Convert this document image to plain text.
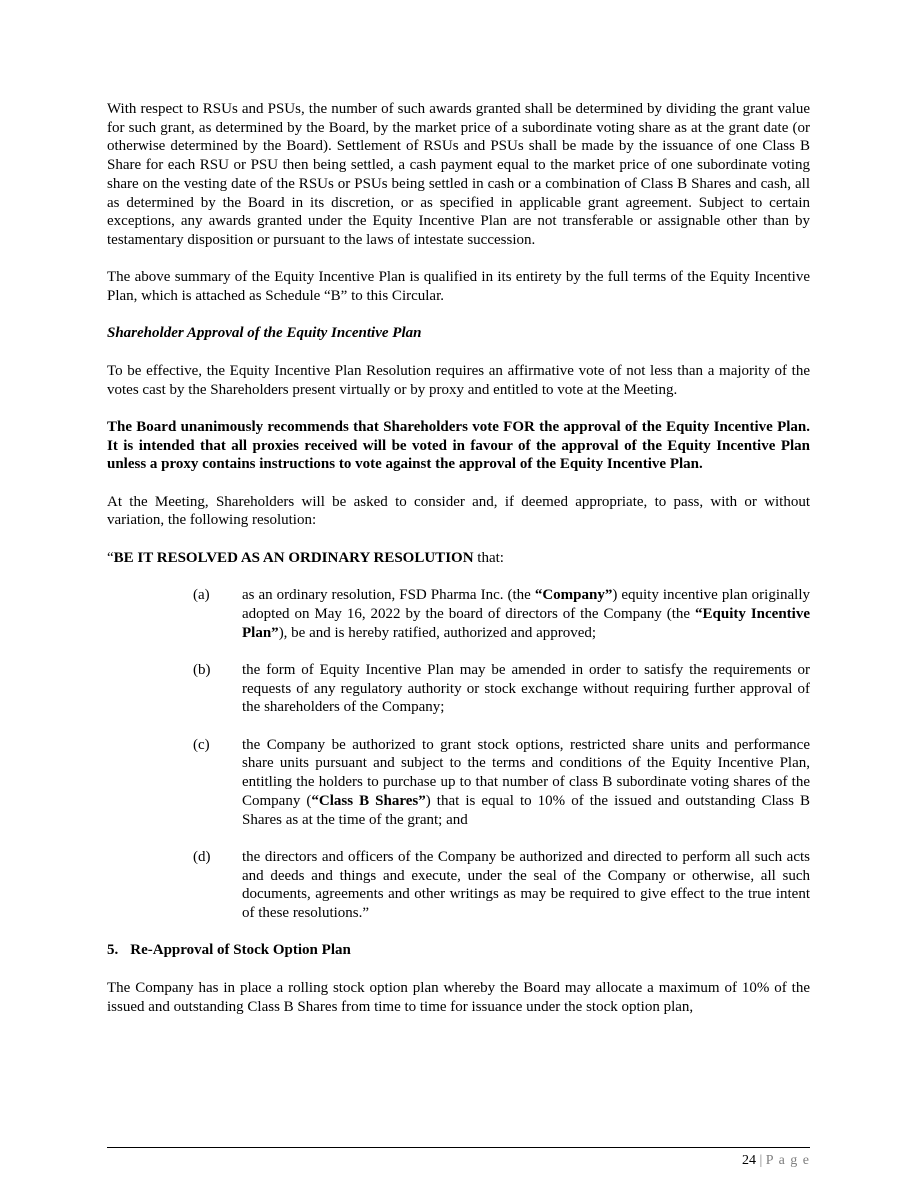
With respect to RSUs and PSUs, the number of such awards granted shall be determined by dividing the grant value for such grant, as determined by the Board, by the market price of a subordinate voting share as at the grant date (or otherwise determined by the Board). Settlement of RSUs and PSUs shall be made by the issuance of one Class B Share for each RSU or PSU then being settled, a cash payment equal to the market price of one subordinate voting share on the vesting date of the RSUs or PSUs being settled in cash or a combination of Class B Shares and cash, all as determined by the Board in its discretion, or as specified in applicable grant agreement. Subject to certain exceptions, any awards granted under the Equity Incentive Plan are not transferable or assignable other than by testamentary disposition or pursuant to the laws of intestate succession.

The above summary of the Equity Incentive Plan is qualified in its entirety by the full terms of the Equity Incentive Plan, which is attached as Schedule “B” to this Circular.

Shareholder Approval of the Equity Incentive Plan

To be effective, the Equity Incentive Plan Resolution requires an affirmative vote of not less than a majority of the votes cast by the Shareholders present virtually or by proxy and entitled to vote at the Meeting.

The Board unanimously recommends that Shareholders vote FOR the approval of the Equity Incentive Plan. It is intended that all proxies received will be voted in favour of the approval of the Equity Incentive Plan unless a proxy contains instructions to vote against the approval of the Equity Incentive Plan.

At the Meeting, Shareholders will be asked to consider and, if deemed appropriate, to pass, with or without variation, the following resolution:

“BE IT RESOLVED AS AN ORDINARY RESOLUTION that:

(a) as an ordinary resolution, FSD Pharma Inc. (the “Company”) equity incentive plan originally adopted on May 16, 2022 by the board of directors of the Company (the “Equity Incentive Plan”), be and is hereby ratified, authorized and approved;
(b) the form of Equity Incentive Plan may be amended in order to satisfy the requirements or requests of any regulatory authority or stock exchange without requiring further approval of the shareholders of the Company;
(c) the Company be authorized to grant stock options, restricted share units and performance share units pursuant and subject to the terms and conditions of the Equity Incentive Plan, entitling the holders to purchase up to that number of class B subordinate voting shares of the Company (“Class B Shares”) that is equal to 10% of the issued and outstanding Class B Shares as at the time of the grant; and
(d) the directors and officers of the Company be authorized and directed to perform all such acts and deeds and things and execute, under the seal of the Company or otherwise, all such documents, agreements and other writings as may be required to give effect to the true intent of these resolutions.”

5. Re-Approval of Stock Option Plan

The Company has in place a rolling stock option plan whereby the Board may allocate a maximum of 10% of the issued and outstanding Class B Shares from time to time for issuance under the stock option plan,

24 | P a g e
